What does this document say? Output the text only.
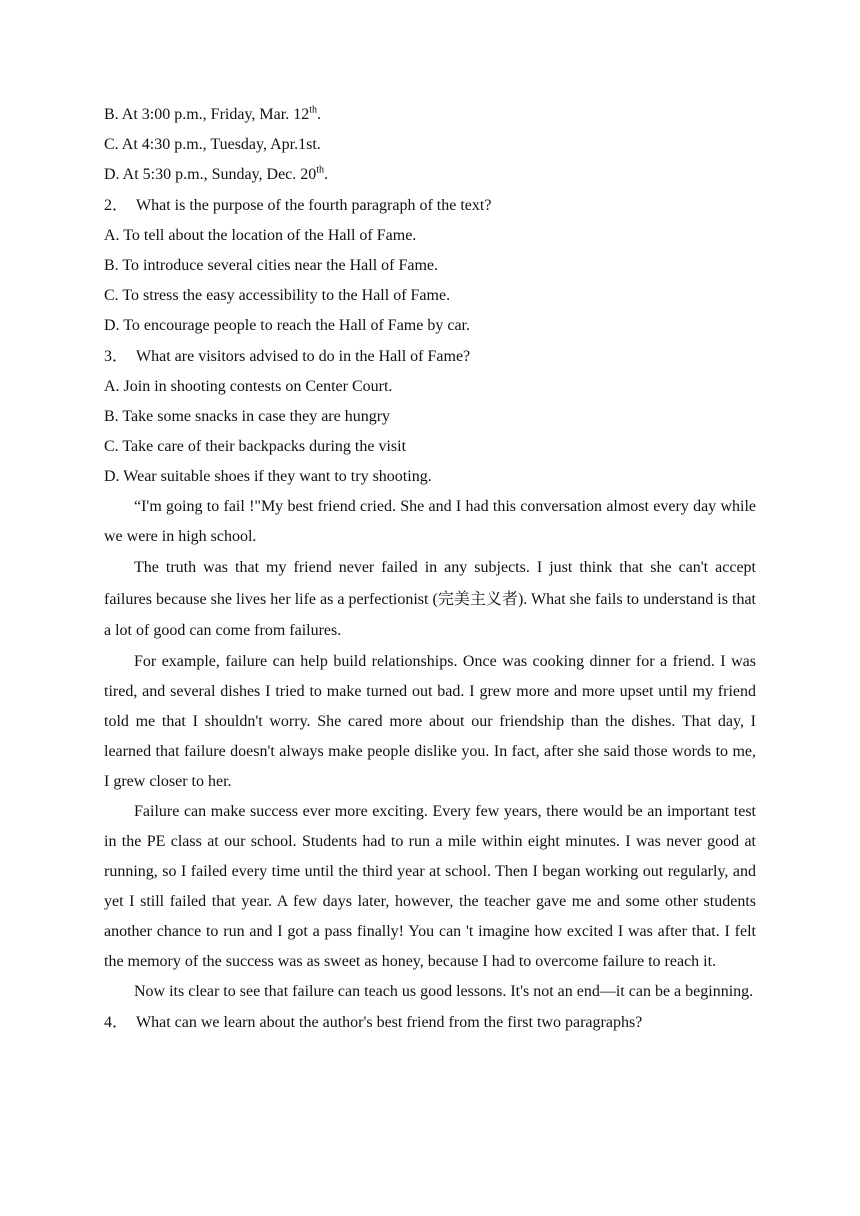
B. At 3:00 p.m., Friday, Mar. 12th.
C. At 4:30 p.m., Tuesday, Apr.1st.
D. At 5:30 p.m., Sunday, Dec. 20th.
2． What is the purpose of the fourth paragraph of the text?
A. To tell about the location of the Hall of Fame.
B. To introduce several cities near the Hall of Fame.
C. To stress the easy accessibility to the Hall of Fame.
D. To encourage people to reach the Hall of Fame by car.
3． What are visitors advised to do in the Hall of Fame?
A. Join in shooting contests on Center Court.
B. Take some snacks in case they are hungry
C. Take care of their backpacks during the visit
D. Wear suitable shoes if they want to try shooting.

“I'm going to fail !"My best friend cried. She and I had this conversation almost every day while we were in high school.

The truth was that my friend never failed in any subjects. I just think that she can't accept failures because she lives her life as a perfectionist (完美主义者). What she fails to understand is that a lot of good can come from failures.

For example, failure can help build relationships. Once was cooking dinner for a friend. I was tired, and several dishes I tried to make turned out bad. I grew more and more upset until my friend told me that I shouldn't worry. She cared more about our friendship than the dishes. That day, I learned that failure doesn't always make people dislike you. In fact, after she said those words to me, I grew closer to her.

Failure can make success ever more exciting. Every few years, there would be an important test in the PE class at our school. Students had to run a mile within eight minutes. I was never good at running, so I failed every time until the third year at school. Then I began working out regularly, and yet I still failed that year. A few days later, however, the teacher gave me and some other students another chance to run and I got a pass finally! You can 't imagine how excited I was after that. I felt the memory of the success was as sweet as honey, because I had to overcome failure to reach it.

Now its clear to see that failure can teach us good lessons. It's not an end—it can be a beginning.

4． What can we learn about the author's best friend from the first two paragraphs?
